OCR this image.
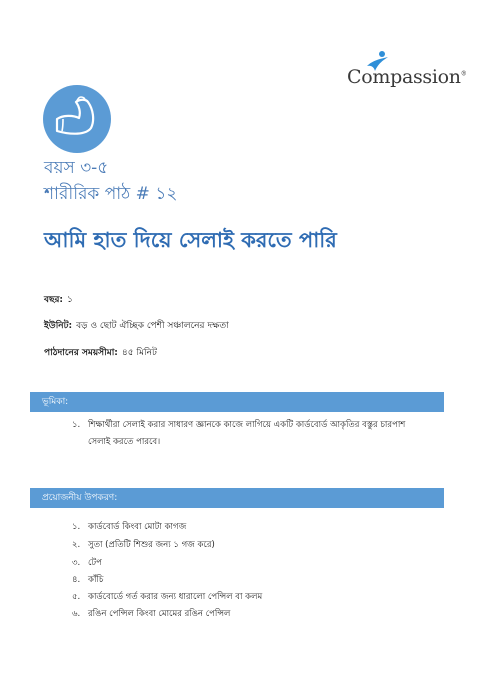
Compassion®
বয়স ৩-৫
শারীরিক পাঠ # ১২
আমি হাত দিয়ে সেলাই করতে পারি
বছর: ১
ইউনিট: বড় ও ছোট ঐচ্ছিক পেশী সঞ্চালনের দক্ষতা
পাঠদানের সময়সীমা: ৪৫ মিনিট
ভূমিকা:
১. শিক্ষার্থীরা সেলাই করার সাধারণ জ্ঞানকে কাজে লাগিয়ে একটি কার্ডবোর্ড আকৃতির বস্তুর চারপাশ সেলাই করতে পারবে।
প্রয়োজনীয় উপকরণ:
১. কার্ডবোর্ড কিংবা মোটা কাগজ
২. সুতা (প্রতিটি শিশুর জন্য ১ গজ করে)
৩. টেপ
৪. কাঁচি
৫. কার্ডবোর্ডে গর্ত করার জন্য ধারালো পেন্সিল বা কলম
৬. রঙিন পেন্সিল কিংবা মোমের রঙিন পেন্সিল
